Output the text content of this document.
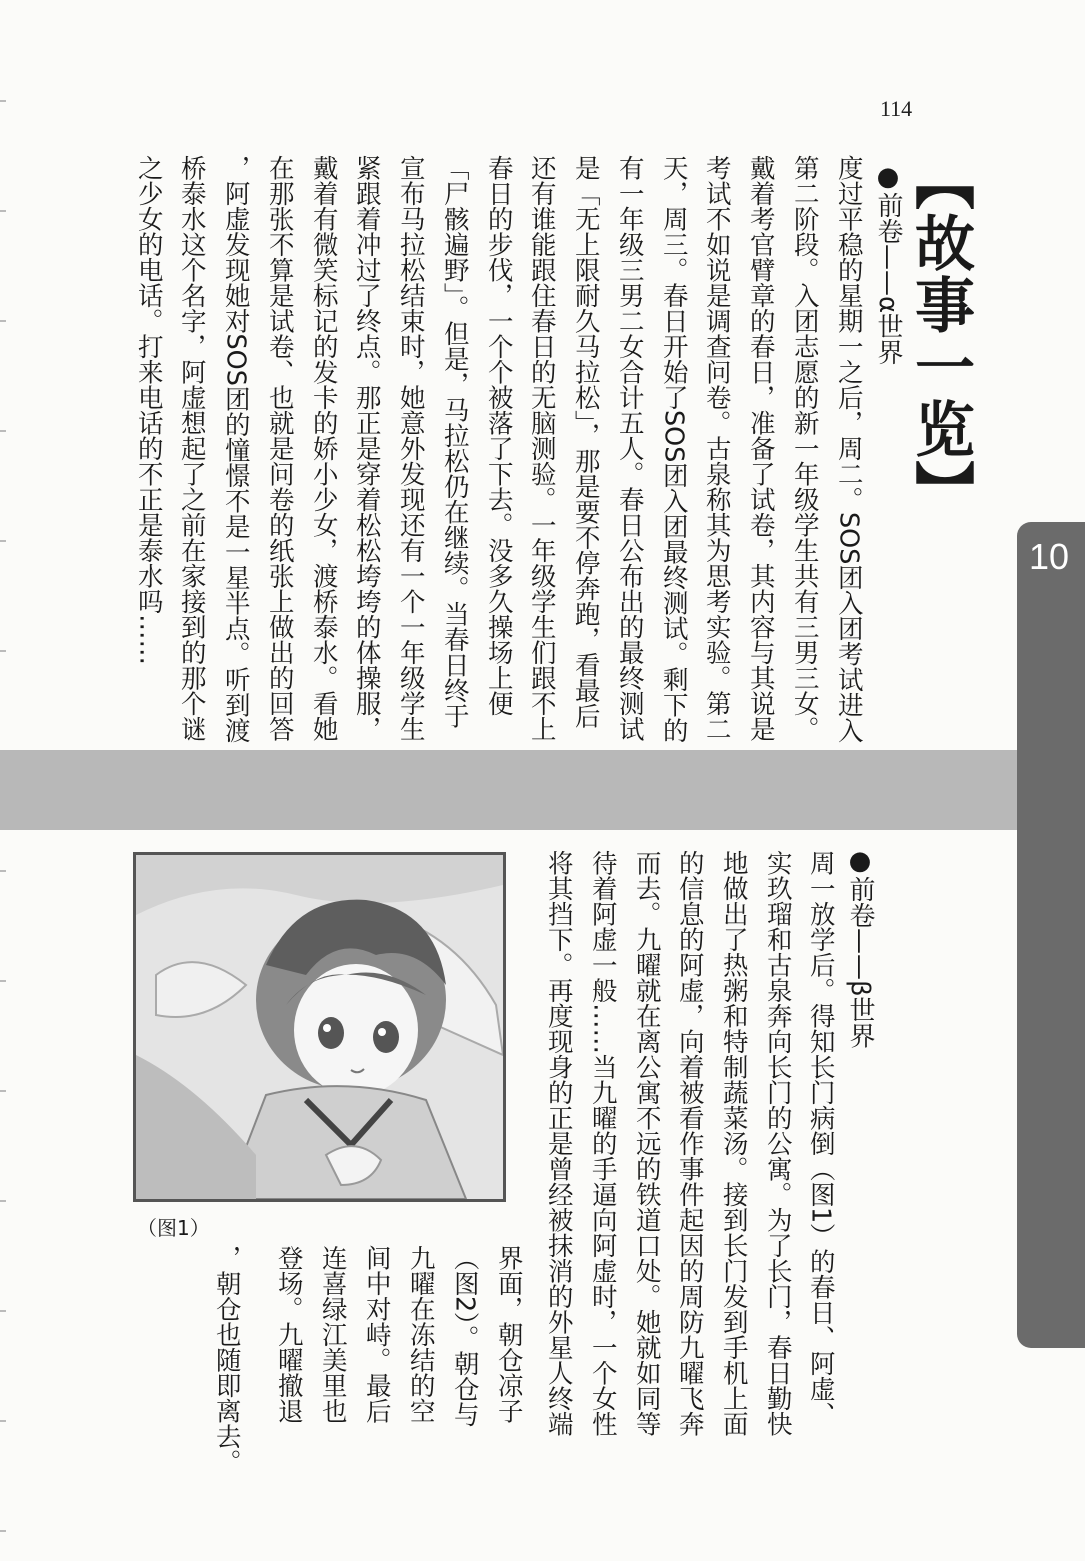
114
10
【故事一览】
●前卷——α世界
度过平稳的星期一之后，周二。SOS团入团考试进入
第二阶段。入团志愿的新一年级学生共有三男三女。
戴着考官臂章的春日，准备了试卷，其内容与其说是
考试不如说是调查问卷。古泉称其为思考实验。第二
天，周三。春日开始了SOS团入团最终测试。剩下的
有一年级三男二女合计五人。春日公布出的最终测试
是「无上限耐久马拉松」，那是要不停奔跑，看最后
还有谁能跟住春日的无脑测验。一年级学生们跟不上
春日的步伐，一个个被落了下去。没多久操场上便
「尸骸遍野」。但是，马拉松仍在继续。当春日终于
宣布马拉松结束时，她意外发现还有一个一年级学生
紧跟着冲过了终点。那正是穿着松松垮垮的体操服，
戴着有微笑标记的发卡的娇小少女，渡桥泰水。看她
在那张不算是试卷、也就是问卷的纸张上做出的回答
，阿虚发现她对SOS团的憧憬不是一星半点。听到渡
桥泰水这个名字，阿虚想起了之前在家接到的那个谜
之少女的电话。打来电话的不正是泰水吗……
●前卷——β世界
周一放学后。得知长门病倒（图1）的春日、阿虚、
实玖瑠和古泉奔向长门的公寓。为了长门，春日勤快
地做出了热粥和特制蔬菜汤。接到长门发到手机上面
的信息的阿虚，向着被看作事件起因的周防九曜飞奔
而去。九曜就在离公寓不远的铁道口处。她就如同等
待着阿虚一般……当九曜的手逼向阿虚时，一个女性
将其挡下。再度现身的正是曾经被抹消的外星人终端
界面，朝仓凉子
（图2）。朝仓与
九曜在冻结的空
间中对峙。最后
连喜绿江美里也
登场。九曜撤退
，朝仓也随即离去。
（图1）
